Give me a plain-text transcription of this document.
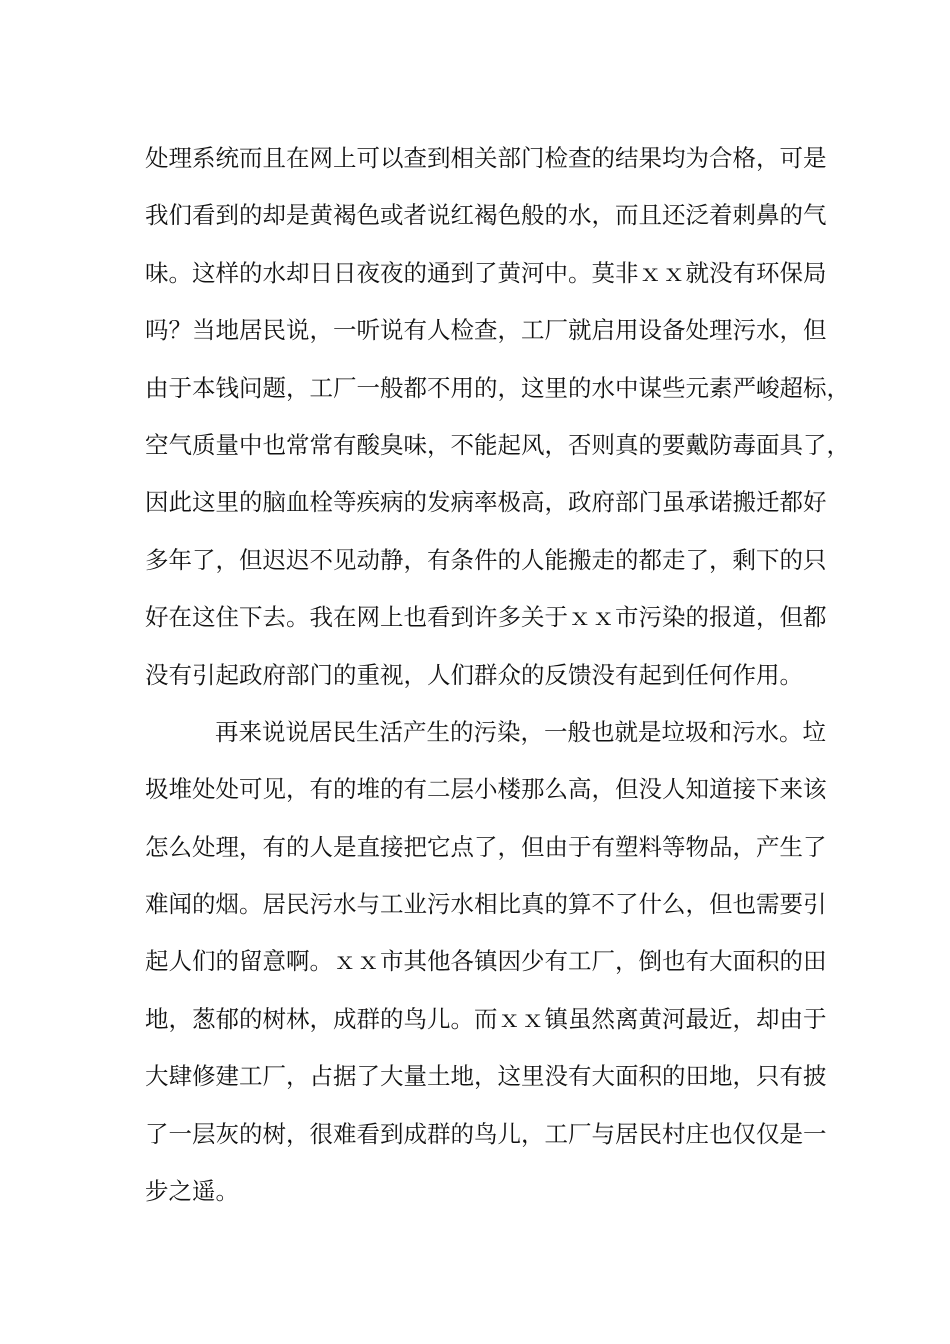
处理系统而且在网上可以查到相关部门检查的结果均为合格，可是
我们看到的却是黄褐色或者说红褐色般的水，而且还泛着刺鼻的气
味。这样的水却日日夜夜的通到了黄河中。莫非ｘｘ就没有环保局
吗？当地居民说，一听说有人检查，工厂就启用设备处理污水，但
由于本钱问题，工厂一般都不用的，这里的水中谋些元素严峻超标，
空气质量中也常常有酸臭味，不能起风，否则真的要戴防毒面具了，
因此这里的脑血栓等疾病的发病率极高，政府部门虽承诺搬迁都好
多年了，但迟迟不见动静，有条件的人能搬走的都走了，剩下的只
好在这住下去。我在网上也看到许多关于ｘｘ市污染的报道，但都
没有引起政府部门的重视，人们群众的反馈没有起到任何作用。
再来说说居民生活产生的污染，一般也就是垃圾和污水。垃
圾堆处处可见，有的堆的有二层小楼那么高，但没人知道接下来该
怎么处理，有的人是直接把它点了，但由于有塑料等物品，产生了
难闻的烟。居民污水与工业污水相比真的算不了什么，但也需要引
起人们的留意啊。ｘｘ市其他各镇因少有工厂，倒也有大面积的田
地，葱郁的树林，成群的鸟儿。而ｘｘ镇虽然离黄河最近，却由于
大肆修建工厂，占据了大量土地，这里没有大面积的田地，只有披
了一层灰的树，很难看到成群的鸟儿，工厂与居民村庄也仅仅是一
步之遥。
